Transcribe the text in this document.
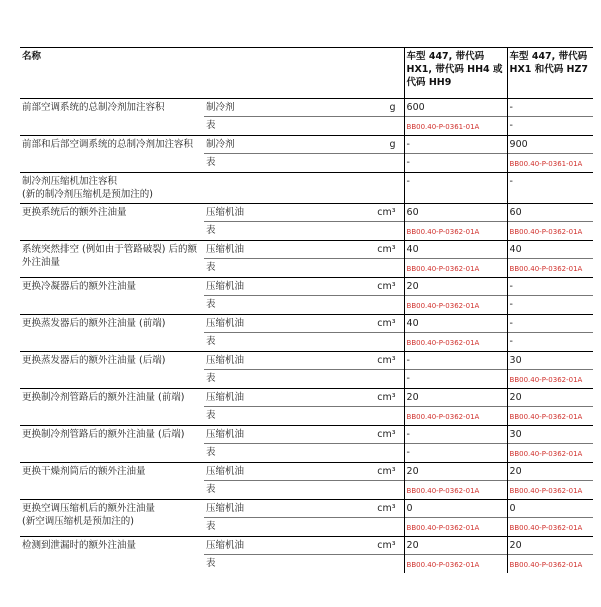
名称			车型 447, 带代码 HX1, 带代码 HH4 或代码 HH9	车型 447, 带代码 HX1 和代码 HZ7
前部空调系统的总制冷剂加注容积	制冷剂	g	600	-
	表		BB00.40-P-0361-01A	-
前部和后部空调系统的总制冷剂加注容积	制冷剂	g	-	900
	表		-	BB00.40-P-0361-01A
制冷剂压缩机加注容积
(新的制冷剂压缩机是预加注的)			-	-
更换系统后的额外注油量	压缩机油	cm³	60	60
	表		BB00.40-P-0362-01A	BB00.40-P-0362-01A
系统突然排空 (例如由于管路破裂) 后的额外注油量	压缩机油	cm³	40	40
	表		BB00.40-P-0362-01A	BB00.40-P-0362-01A
更换冷凝器后的额外注油量	压缩机油	cm³	20	-
	表		BB00.40-P-0362-01A	-
更换蒸发器后的额外注油量 (前端)	压缩机油	cm³	40	-
	表		BB00.40-P-0362-01A	-
更换蒸发器后的额外注油量 (后端)	压缩机油	cm³	-	30
	表		-	BB00.40-P-0362-01A
更换制冷剂管路后的额外注油量 (前端)	压缩机油	cm³	20	20
	表		BB00.40-P-0362-01A	BB00.40-P-0362-01A
更换制冷剂管路后的额外注油量 (后端)	压缩机油	cm³	-	30
	表		-	BB00.40-P-0362-01A
更换干燥剂筒后的额外注油量	压缩机油	cm³	20	20
	表		BB00.40-P-0362-01A	BB00.40-P-0362-01A
更换空调压缩机后的额外注油量
(新空调压缩机是预加注的)	压缩机油	cm³	0	0
	表		BB00.40-P-0362-01A	BB00.40-P-0362-01A
检测到泄漏时的额外注油量	压缩机油	cm³	20	20
	表		BB00.40-P-0362-01A	BB00.40-P-0362-01A
